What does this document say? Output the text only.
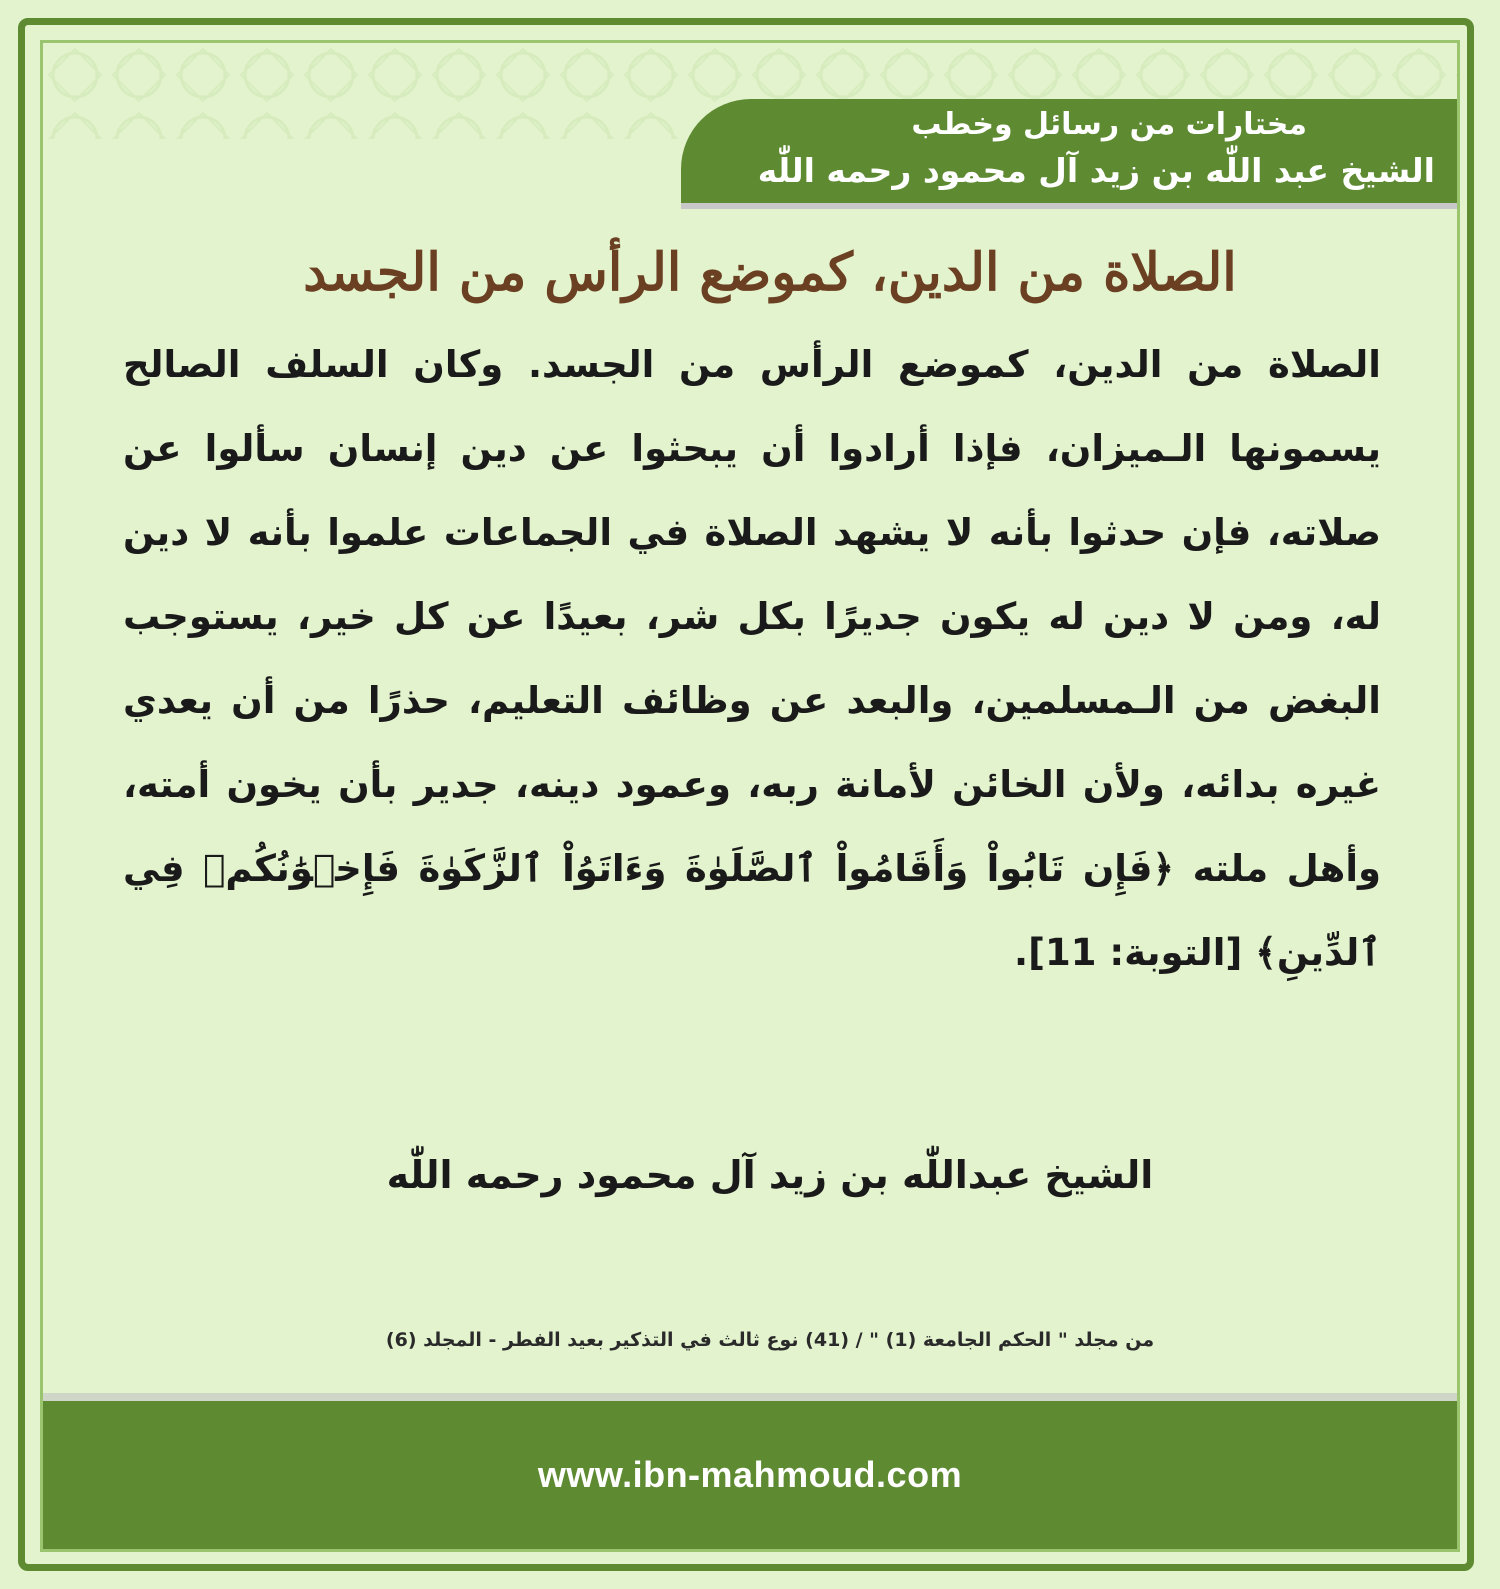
مختارات من رسائل وخطب
الشيخ عبد اللّٰه بن زيد آل محمود رحمه اللّٰه
الصلاة من الدين، كموضع الرأس من الجسد

الصلاة من الدين، كموضع الرأس من الجسد. وكان السلف الصالح يسمونها الـميزان، فإذا أرادوا أن يبحثوا عن دين إنسان سألوا عن صلاته، فإن حدثوا بأنه لا يشهد الصلاة في الجماعات علموا بأنه لا دين له، ومن لا دين له يكون جديرًا بكل شر، بعيدًا عن كل خير، يستوجب البغض من الـمسلمين، والبعد عن وظائف التعليم، حذرًا من أن يعدي غيره بدائه، ولأن الخائن لأمانة ربه، وعمود دينه، جدير بأن يخون أمته، وأهل ملته ﴿فَإِن تَابُواْ وَأَقَامُواْ ٱلصَّلَوٰةَ وَءَاتَوُاْ ٱلزَّكَوٰةَ فَإِخۡوَٰنُكُمۡ فِي ٱلدِّينِ﴾ [التوبة: 11].

الشيخ عبداللّٰه بن زيد آل محمود رحمه اللّٰه
من مجلد " الحكم الجامعة (1) " / (41) نوع ثالث في التذكير بعيد الفطر - المجلد (6)
www.ibn-mahmoud.com
